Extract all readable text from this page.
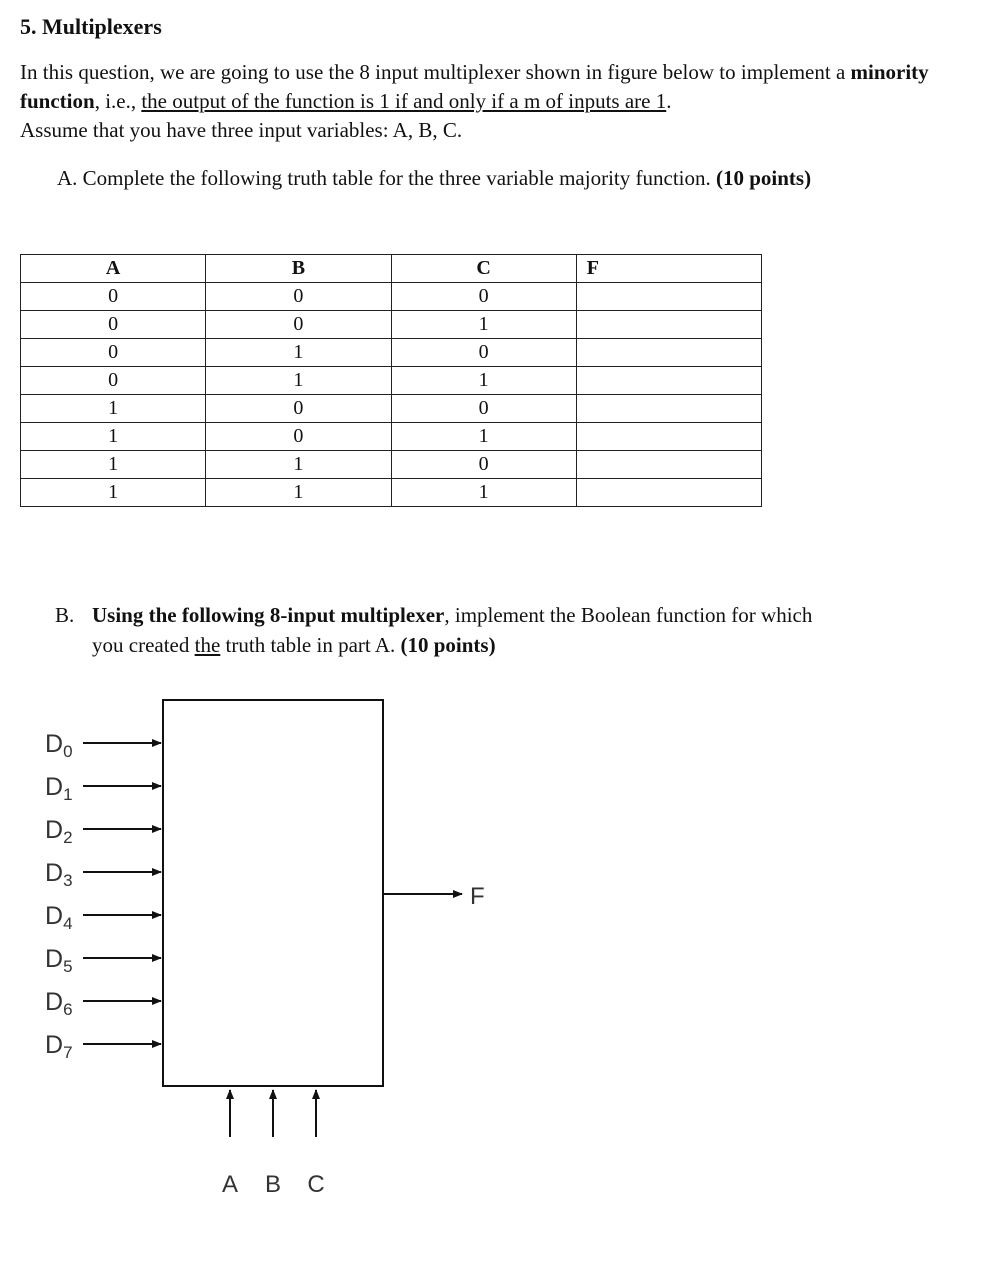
5. Multiplexers
In this question, we are going to use the 8 input multiplexer shown in figure below to implement a minority function, i.e., the output of the function is 1 if and only if a m of inputs are 1.
Assume that you have three input variables: A, B, C.
A. Complete the following truth table for the three variable majority function. (10 points)
A	B	C	F
0	0	0	
0	0	1	
0	1	0	
0	1	1	
1	0	0	
1	0	1	
1	1	0	
1	1	1	
B. Using the following 8-input multiplexer, implement the Boolean function for which
you created the truth table in part A. (10 points)
$D_0$
$D_1$
$D_2$
$D_3$
$D_4$
$D_5$
$D_6$
$D_7$
F
A B C
